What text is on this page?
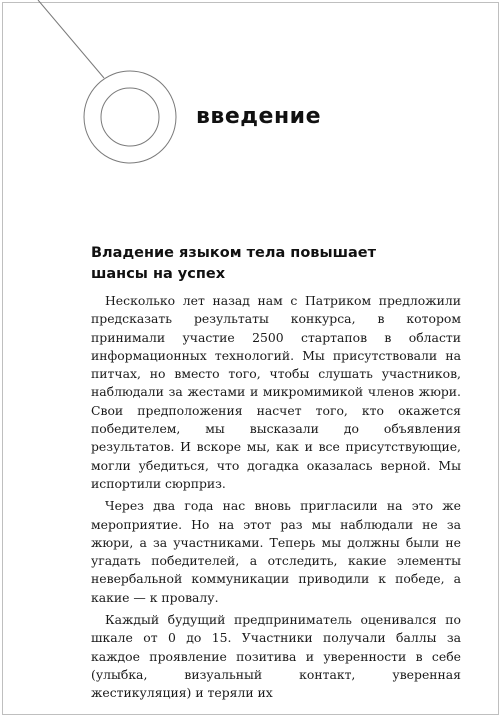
введение
Владение языком тела повышает шансы на успех

Несколько лет назад нам с Патриком предложили предсказать результаты конкурса, в котором принимали участие 2500 стартапов в области информационных технологий. Мы присутствовали на питчах, но вместо того, чтобы слушать участников, наблюдали за жестами и микромимикой членов жюри. Свои предположения насчет того, кто окажется победителем, мы высказали до объявления результатов. И вскоре мы, как и все присутствующие, могли убедиться, что догадка оказалась верной. Мы испортили сюрприз.

Через два года нас вновь пригласили на это же мероприятие. Но на этот раз мы наблюдали не за жюри, а за участниками. Теперь мы должны были не угадать победителей, а отследить, какие элементы невербальной коммуникации приводили к победе, а какие — к провалу.

Каждый будущий предприниматель оценивался по шкале от 0 до 15. Участники получали баллы за каждое проявление позитива и уверенности в себе (улыбка, визуальный контакт, уверенная жестикуляция) и теряли их
